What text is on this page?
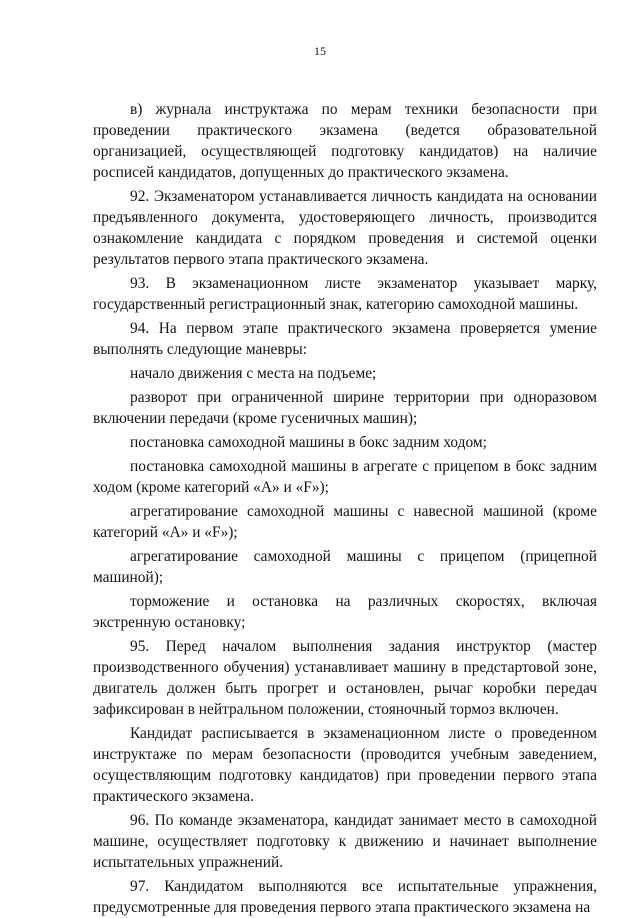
15

в) журнала инструктажа по мерам техники безопасности при проведении практического экзамена (ведется образовательной организацией, осуществляющей подготовку кандидатов) на наличие росписей кандидатов, допущенных до практического экзамена.

92. Экзаменатором устанавливается личность кандидата на основании предъявленного документа, удостоверяющего личность, производится ознакомление кандидата с порядком проведения и системой оценки результатов первого этапа практического экзамена.

93. В экзаменационном листе экзаменатор указывает марку, государственный регистрационный знак, категорию самоходной машины.

94. На первом этапе практического экзамена проверяется умение выполнять следующие маневры:

начало движения с места на подъеме;

разворот при ограниченной ширине территории при одноразовом включении передачи (кроме гусеничных машин);

постановка самоходной машины в бокс задним ходом;

постановка самоходной машины в агрегате с прицепом в бокс задним ходом (кроме категорий «A» и «F»);

агрегатирование самоходной машины с навесной машиной (кроме категорий «A» и «F»);

агрегатирование самоходной машины с прицепом (прицепной машиной);

торможение и остановка на различных скоростях, включая экстренную остановку;

95. Перед началом выполнения задания инструктор (мастер производственного обучения) устанавливает машину в предстартовой зоне, двигатель должен быть прогрет и остановлен, рычаг коробки передач зафиксирован в нейтральном положении, стояночный тормоз включен.

Кандидат расписывается в экзаменационном листе о проведенном инструктаже по мерам безопасности (проводится учебным заведением, осуществляющим подготовку кандидатов) при проведении первого этапа практического экзамена.

96. По команде экзаменатора, кандидат занимает место в самоходной машине, осуществляет подготовку к движению и начинает выполнение испытательных упражнений.

97. Кандидатом выполняются все испытательные упражнения, предусмотренные для проведения первого этапа практического экзамена на
